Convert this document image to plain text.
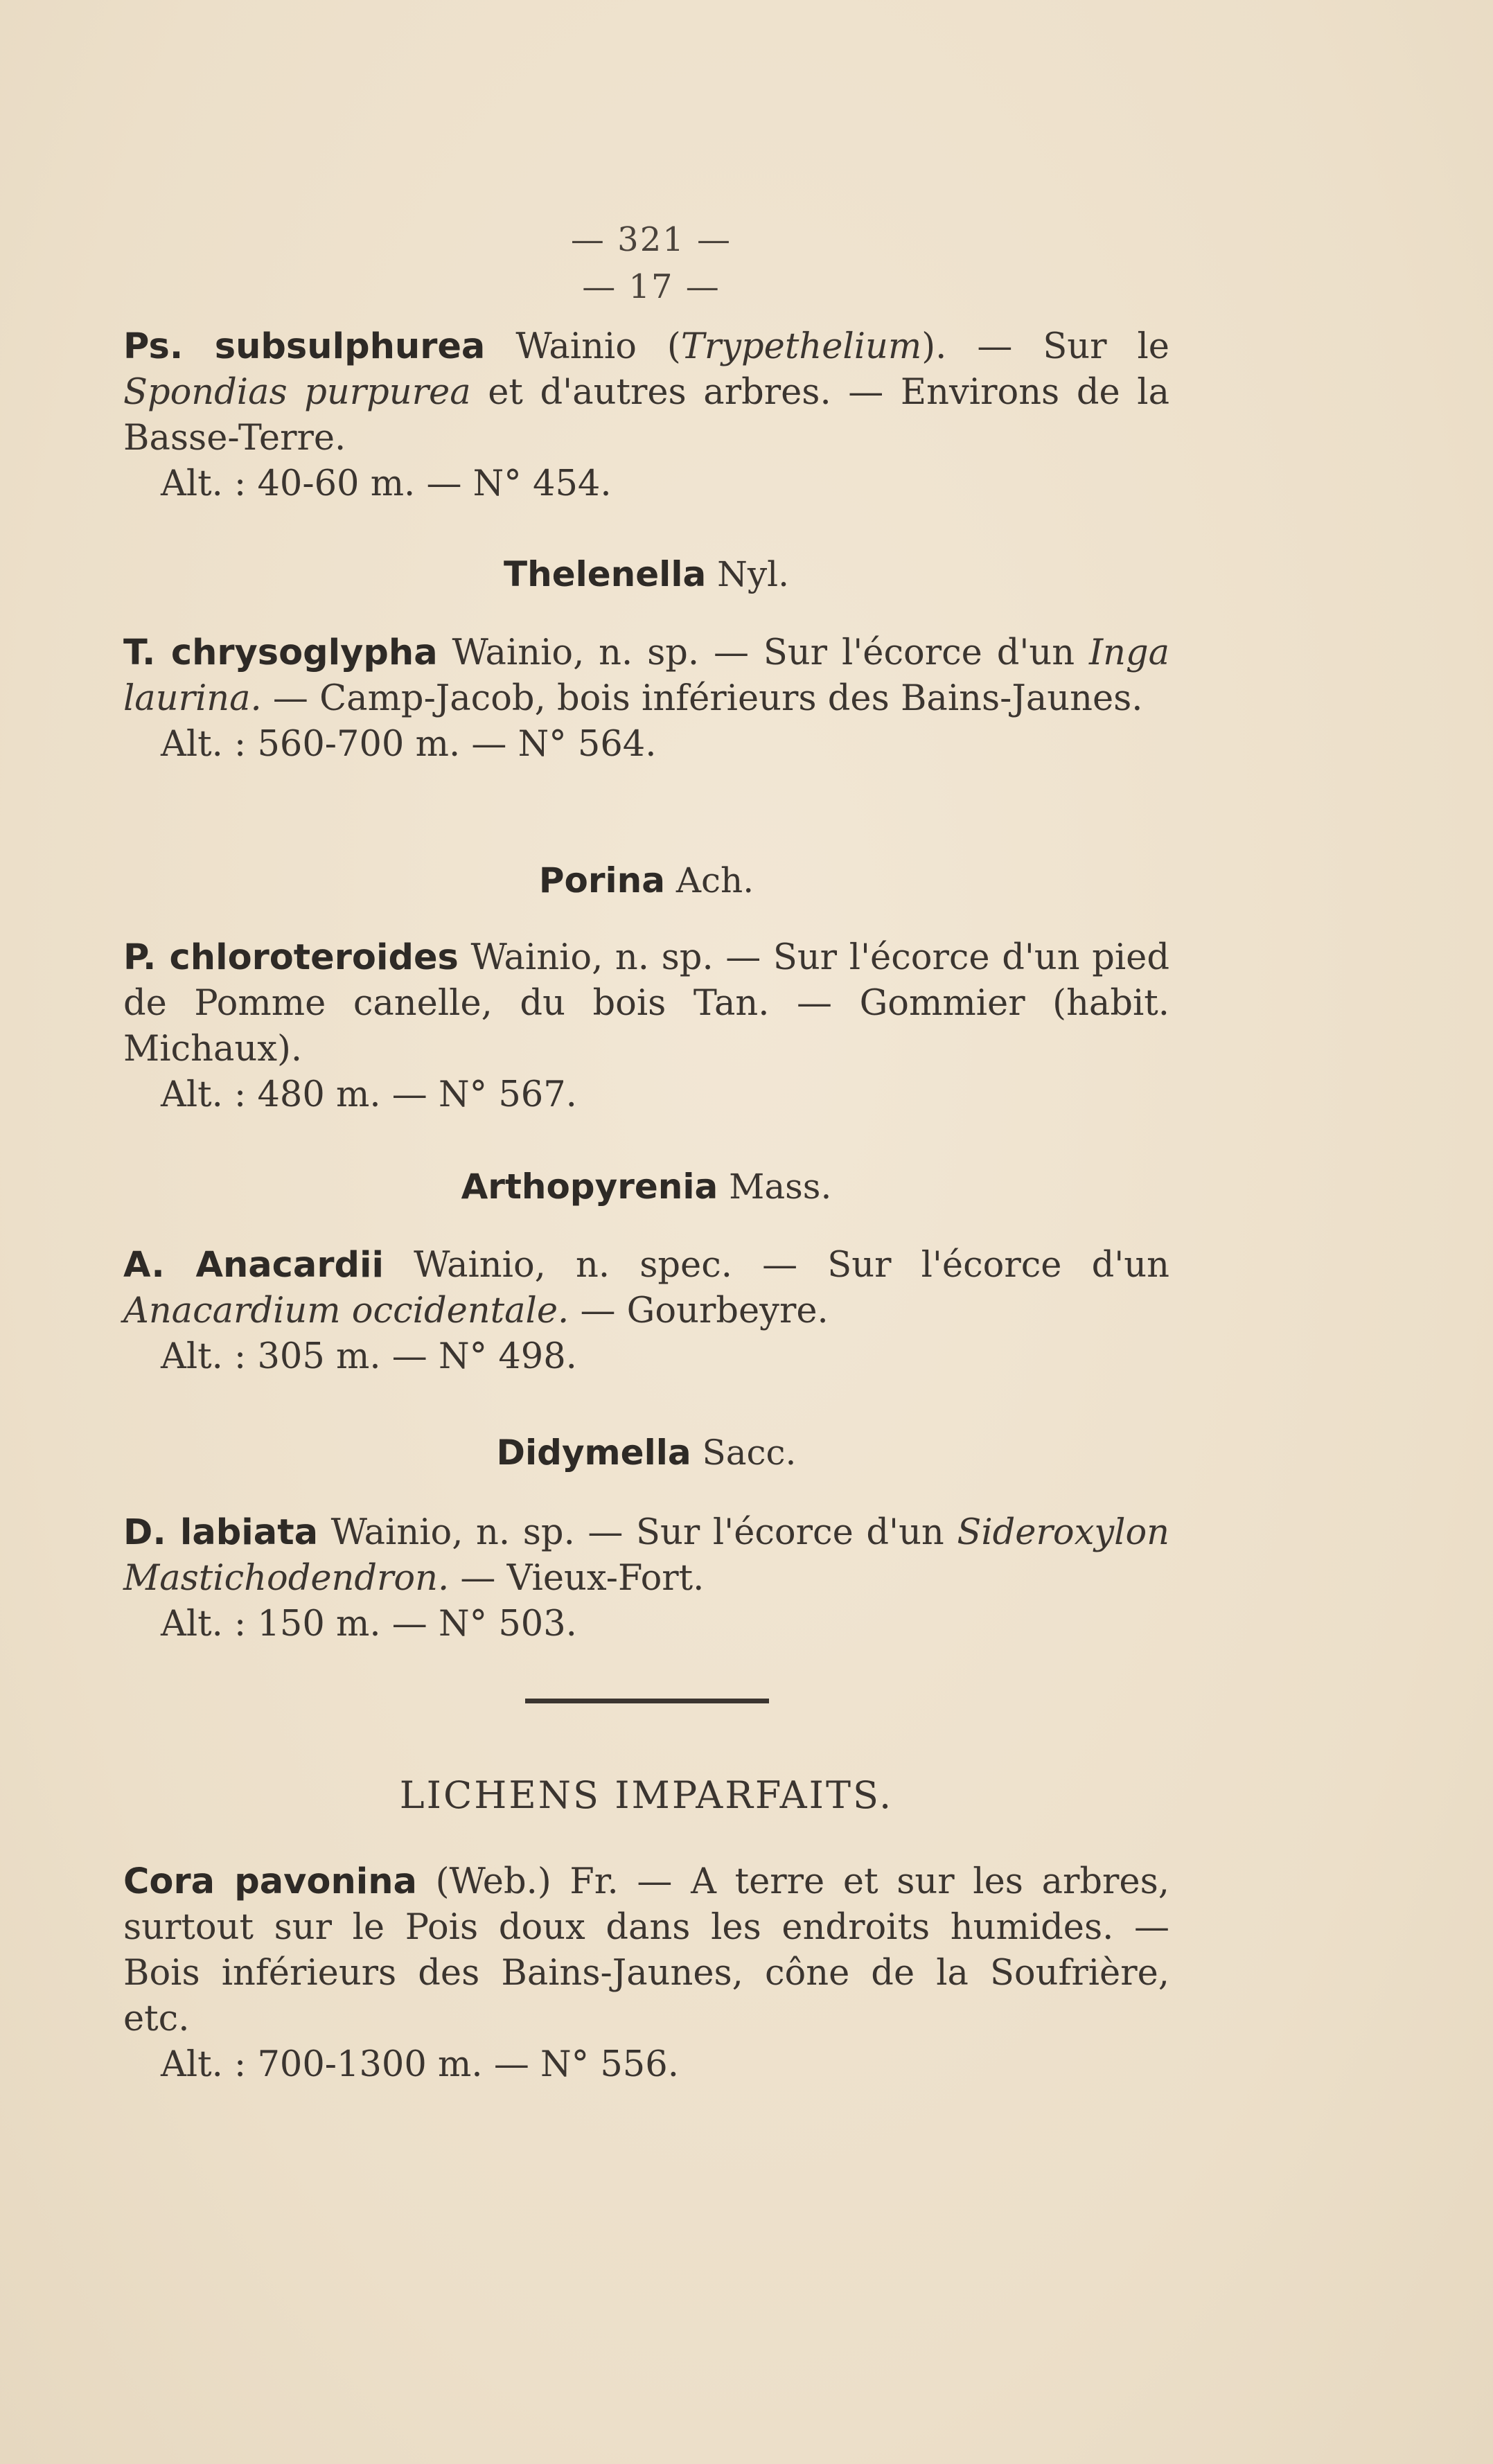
— 321 —
— 17 —

Ps. subsulphurea Wainio (Trypethelium). — Sur le Spondias purpurea et d'autres arbres. — Environs de la Basse-Terre.

Alt. : 40-60 m. — N° 454.

Thelenella Nyl.

T. chrysoglypha Wainio, n. sp. — Sur l'écorce d'un Inga laurina. — Camp-Jacob, bois inférieurs des Bains-Jaunes.

Alt. : 560-700 m. — N° 564.

Porina Ach.

P. chloroteroides Wainio, n. sp. — Sur l'écorce d'un pied de Pomme canelle, du bois Tan. — Gommier (habit. Michaux).

Alt. : 480 m. — N° 567.

Arthopyrenia Mass.

A. Anacardii Wainio, n. spec. — Sur l'écorce d'un Anacardium occidentale. — Gourbeyre.

Alt. : 305 m. — N° 498.

Didymella Sacc.

D. labiata Wainio, n. sp. — Sur l'écorce d'un Sideroxylon Mastichodendron. — Vieux-Fort.

Alt. : 150 m. — N° 503.

LICHENS IMPARFAITS.

Cora pavonina (Web.) Fr. — A terre et sur les arbres, surtout sur le Pois doux dans les endroits humides. — Bois inférieurs des Bains-Jaunes, cône de la Soufrière, etc.

Alt. : 700-1300 m. — N° 556.
